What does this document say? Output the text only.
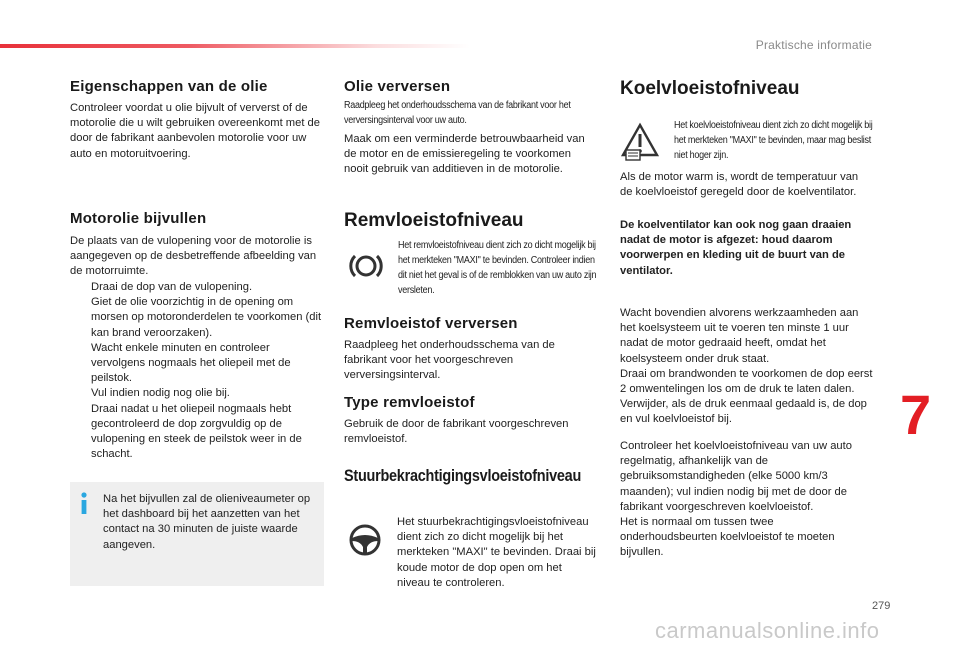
Praktische informatie
Eigenschappen van de olie

Controleer voordat u olie bijvult of ververst of de motorolie die u wilt gebruiken overeenkomt met de door de fabrikant aanbevolen motorolie voor uw auto en motoruitvoering.

Motorolie bijvullen

De plaats van de vulopening voor de motorolie is aangegeven op de desbetreffende afbeelding van de motorruimte.

Draai de dop van de vulopening.
Giet de olie voorzichtig in de opening om morsen op motoronderdelen te voorkomen (dit kan brand veroorzaken).
Wacht enkele minuten en controleer vervolgens nogmaals het oliepeil met de peilstok.
Vul indien nodig nog olie bij.
Draai nadat u het oliepeil nogmaals hebt gecontroleerd de dop zorgvuldig op de vulopening en steek de peilstok weer in de schacht.

Na het bijvullen zal de olieniveaumeter op het dashboard bij het aanzetten van het contact na 30 minuten de juiste waarde aangeven.

Olie verversen

Raadpleeg het onderhoudsschema van de fabrikant voor het verversingsinterval voor uw auto.

Maak om een verminderde betrouwbaarheid van de motor en de emissieregeling te voorkomen nooit gebruik van additieven in de motorolie.

Remvloeistofniveau

Het remvloeistofniveau dient zich zo dicht mogelijk bij het merkteken "MAXI" te bevinden. Controleer indien dit niet het geval is of de remblokken van uw auto zijn versleten.

Remvloeistof verversen

Raadpleeg het onderhoudsschema van de fabrikant voor het voorgeschreven verversingsinterval.

Type remvloeistof

Gebruik de door de fabrikant voorgeschreven remvloeistof.

Stuurbekrachtigingsvloeistofniveau

Het stuurbekrachtigingsvloeistofniveau dient zich zo dicht mogelijk bij het merkteken "MAXI" te bevinden. Draai bij koude motor de dop open om het niveau te controleren.

Koelvloeistofniveau

Het koelvloeistofniveau dient zich zo dicht mogelijk bij het merkteken "MAXI" te bevinden, maar mag beslist niet hoger zijn.

Als de motor warm is, wordt de temperatuur van de koelvloeistof geregeld door de koelventilator.

De koelventilator kan ook nog gaan draaien nadat de motor is afgezet: houd daarom voorwerpen en kleding uit de buurt van de ventilator.

Wacht bovendien alvorens werkzaamheden aan het koelsysteem uit te voeren ten minste 1 uur nadat de motor gedraaid heeft, omdat het koelsysteem onder druk staat.
Draai om brandwonden te voorkomen de dop eerst 2 omwentelingen los om de druk te laten dalen. Verwijder, als de druk eenmaal gedaald is, de dop en vul koelvloeistof bij.

Controleer het koelvloeistofniveau van uw auto regelmatig, afhankelijk van de gebruiksomstandigheden (elke 5000 km/3 maanden); vul indien nodig bij met de door de fabrikant voorgeschreven koelvloeistof.
Het is normaal om tussen twee onderhoudsbeurten koelvloeistof te moeten bijvullen.

7
279
carmanualsonline.info
